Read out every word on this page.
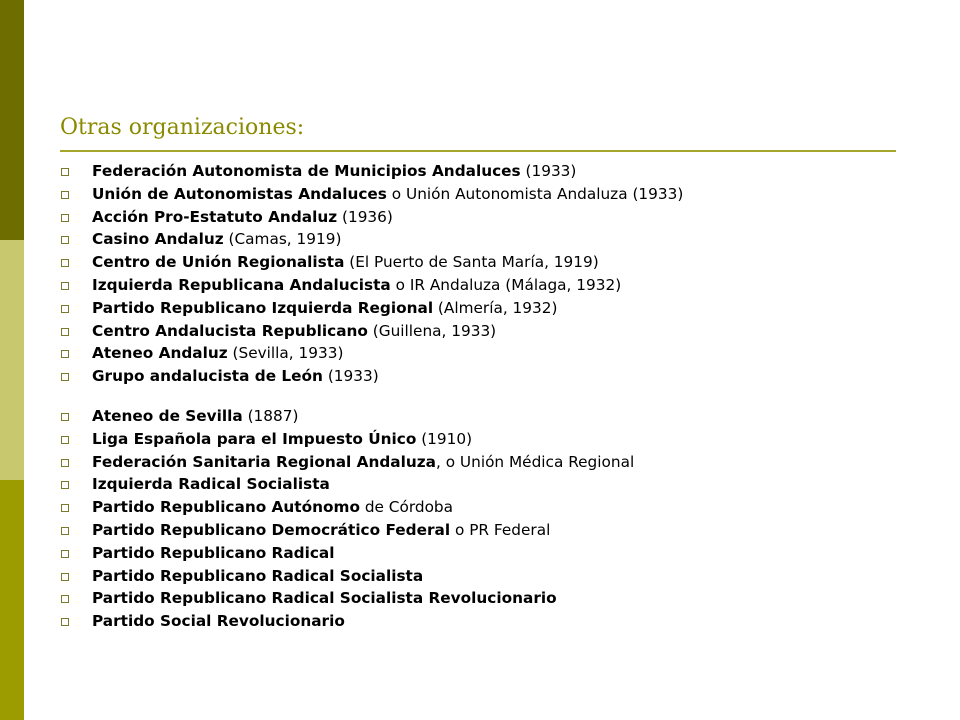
Otras organizaciones:
Federación Autonomista de Municipios Andaluces (1933)
Unión de Autonomistas Andaluces o Unión Autonomista Andaluza (1933)
Acción Pro-Estatuto Andaluz (1936)
Casino Andaluz (Camas, 1919)
Centro de Unión Regionalista (El Puerto de Santa María, 1919)
Izquierda Republicana Andalucista o IR Andaluza (Málaga, 1932)
Partido Republicano Izquierda Regional (Almería, 1932)
Centro Andalucista Republicano (Guillena, 1933)
Ateneo Andaluz (Sevilla, 1933)
Grupo andalucista de León (1933)
Ateneo de Sevilla (1887)
Liga Española para el Impuesto Único (1910)
Federación Sanitaria Regional Andaluza, o Unión Médica Regional
Izquierda Radical Socialista
Partido Republicano Autónomo de Córdoba
Partido Republicano Democrático Federal o PR Federal
Partido Republicano Radical
Partido Republicano Radical Socialista
Partido Republicano Radical Socialista Revolucionario
Partido Social Revolucionario
